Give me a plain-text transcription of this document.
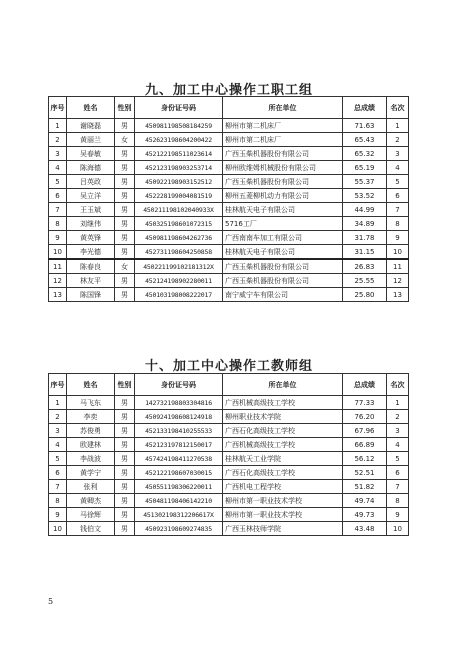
九、加工中心操作工职工组
序号	姓名	性别	身份证号码	所在单位	总成绩	名次
1	谢晓磊	男	450981198508184259	柳州市第二机床厂	71.63	1
2	黄丽兰	女	452623198604200422	柳州市第二机床厂	65.43	2
3	吴春敏	男	452122198511023614	广西玉柴机器股份有限公司	65.32	3
4	陈海德	男	452123198903253714	柳州欧维姆机械股份有限公司	65.19	4
5	吕英政	男	450922198903152512	广西玉柴机器股份有限公司	55.37	5
6	吴立洋	男	452228199004081519	柳州五菱柳机动力有限公司	53.52	6
7	王玉斌	男	450211198102040933X	桂林航天电子有限公司	44.99	7
8	刘继伟	男	450325198601072315	5716工厂	34.89	8
9	黄英锋	男	450981198604262736	广西南南车加工有限公司	31.78	9
10	李光德	男	452731198604250858	桂林航天电子有限公司	31.15	10
11	陈春良	女	450221199102181312X	广西玉柴机器股份有限公司	26.83	11
12	林友平	男	452124198902280011	广西玉柴机器股份有限公司	25.55	12
13	陈国锋	男	450103198008222017	南宁威宁车有限公司	25.80	13
十、加工中心操作工教师组
序号	姓名	性别	身份证号码	所在单位	总成绩	名次
1	马飞东	男	142732198803304816	广西机械高级技工学校	77.33	1
2	李奕	男	450924198608124918	柳州职业技术学院	76.20	2
3	苏俊勇	男	452133198410255533	广西石化高级技工学校	67.96	3
4	欧建林	男	452123197812150017	广西机械高级技工学校	66.89	4
5	李战波	男	457424198411270538	桂林航天工业学院	56.12	5
6	黄学宁	男	452122198607030015	广西石化高级技工学校	52.51	6
7	张利	男	450551198306220011	广西机电工程学校	51.82	7
8	黄卿杰	男	450481198406142210	柳州市第一职业技术学校	49.74	8
9	马徐辉	男	451302198312206617X	柳州市第一职业技术学校	49.73	9
10	钱伯文	男	450923198609274835	广西玉林技师学院	43.48	10
5
